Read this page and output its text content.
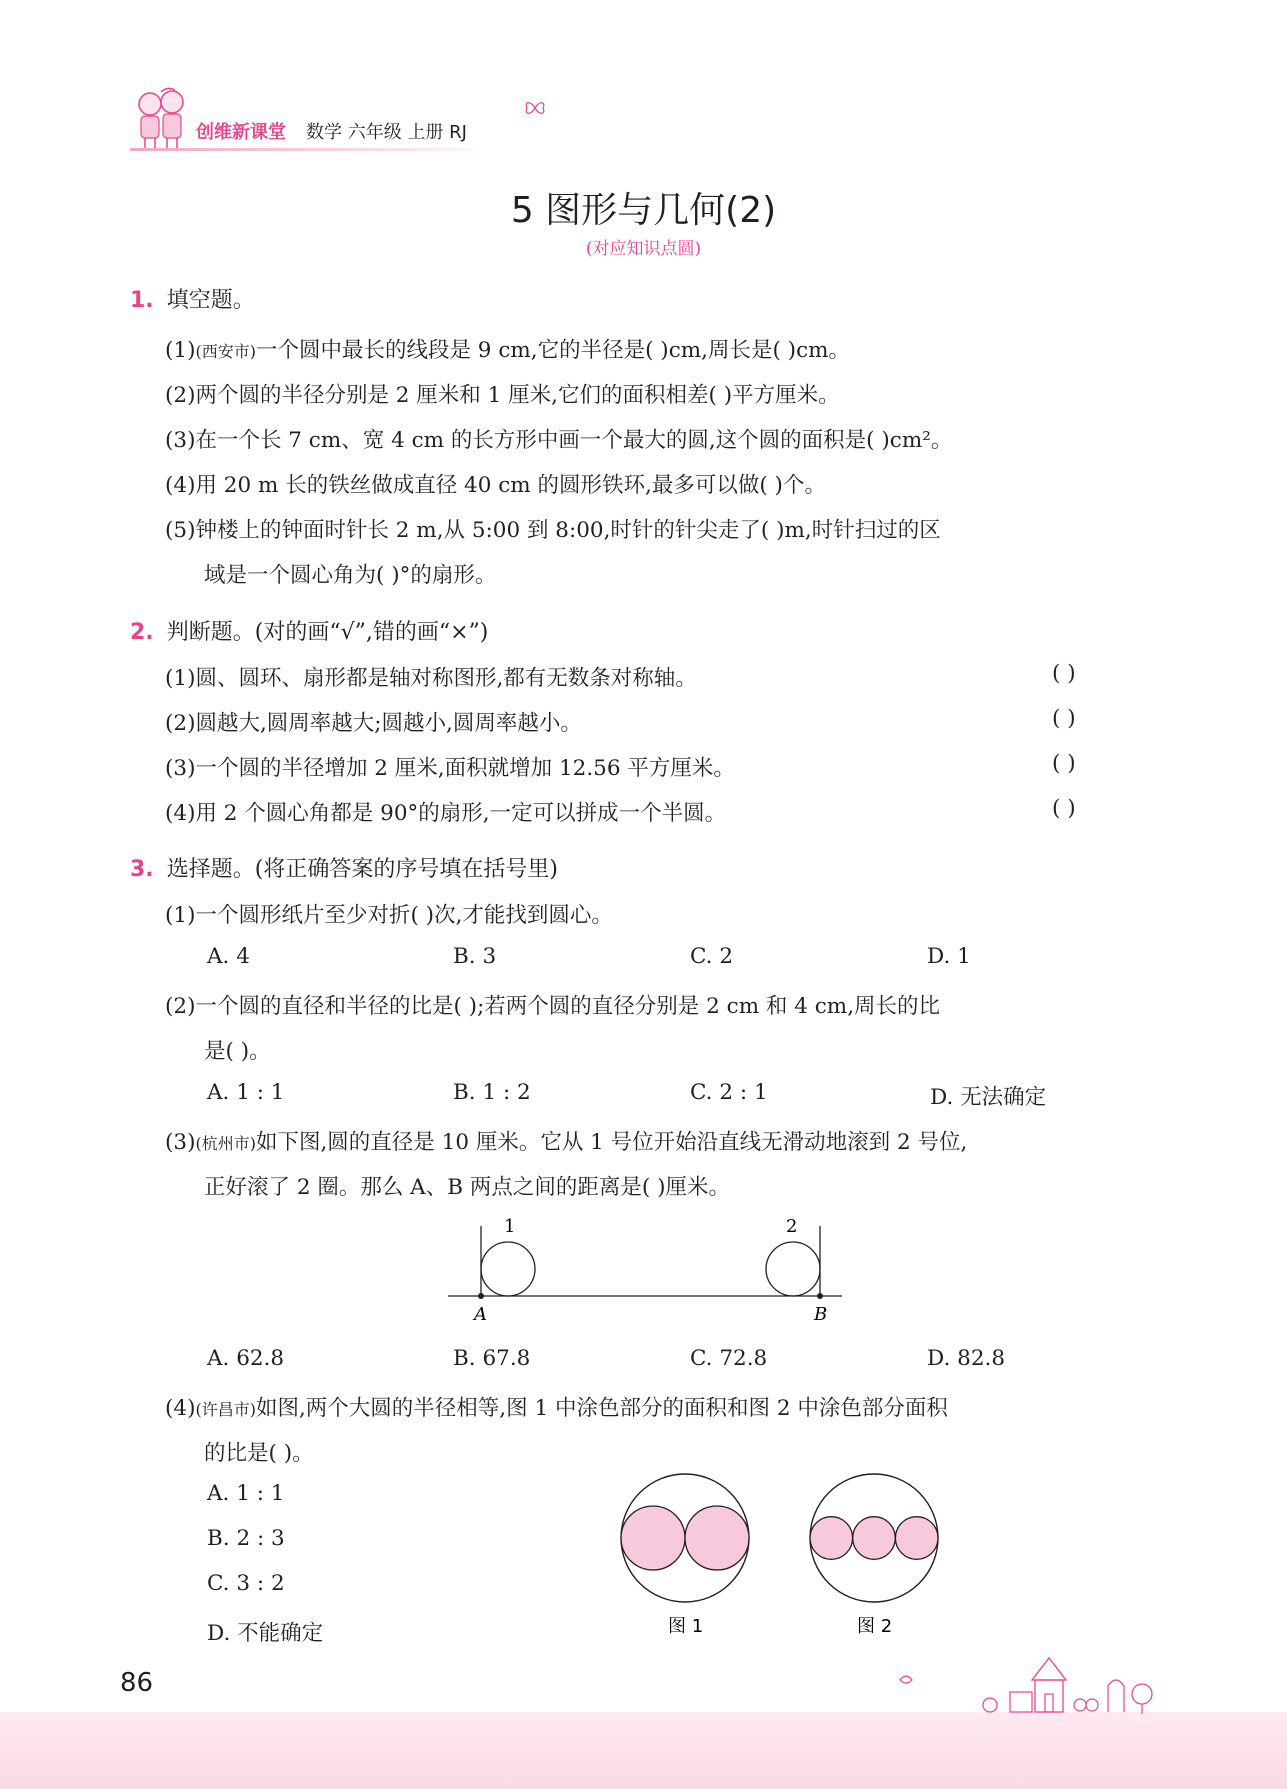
创维新课堂 数学 六年级 上册 RJ
5 图形与几何(2)
(对应知识点圆)
1. 填空题。
(1)(西安市)一个圆中最长的线段是 9 cm,它的半径是( )cm,周长是( )cm。
(2)两个圆的半径分别是 2 厘米和 1 厘米,它们的面积相差( )平方厘米。
(3)在一个长 7 cm、宽 4 cm 的长方形中画一个最大的圆,这个圆的面积是( )cm²。
(4)用 20 m 长的铁丝做成直径 40 cm 的圆形铁环,最多可以做( )个。
(5)钟楼上的钟面时针长 2 m,从 5:00 到 8:00,时针的针尖走了( )m,时针扫过的区
域是一个圆心角为( )°的扇形。
2. 判断题。(对的画“√”,错的画“×”)
(1)圆、圆环、扇形都是轴对称图形,都有无数条对称轴。	( )
(2)圆越大,圆周率越大;圆越小,圆周率越小。	( )
(3)一个圆的半径增加 2 厘米,面积就增加 12.56 平方厘米。	( )
(4)用 2 个圆心角都是 90°的扇形,一定可以拼成一个半圆。	( )
3. 选择题。(将正确答案的序号填在括号里)
(1)一个圆形纸片至少对折( )次,才能找到圆心。
A. 4	B. 3	C. 2	D. 1
(2)一个圆的直径和半径的比是( );若两个圆的直径分别是 2 cm 和 4 cm,周长的比
是( )。
A. 1 : 1	B. 1 : 2	C. 2 : 1	D. 无法确定
(3)(杭州市)如下图,圆的直径是 10 厘米。它从 1 号位开始沿直线无滑动地滚到 2 号位,
正好滚了 2 圈。那么 A、B 两点之间的距离是( )厘米。
1	2
A	B
A. 62.8	B. 67.8	C. 72.8	D. 82.8
(4)(许昌市)如图,两个大圆的半径相等,图 1 中涂色部分的面积和图 2 中涂色部分面积
的比是( )。
A. 1 : 1
B. 2 : 3
C. 3 : 2
D. 不能确定	图 1	图 2
86
